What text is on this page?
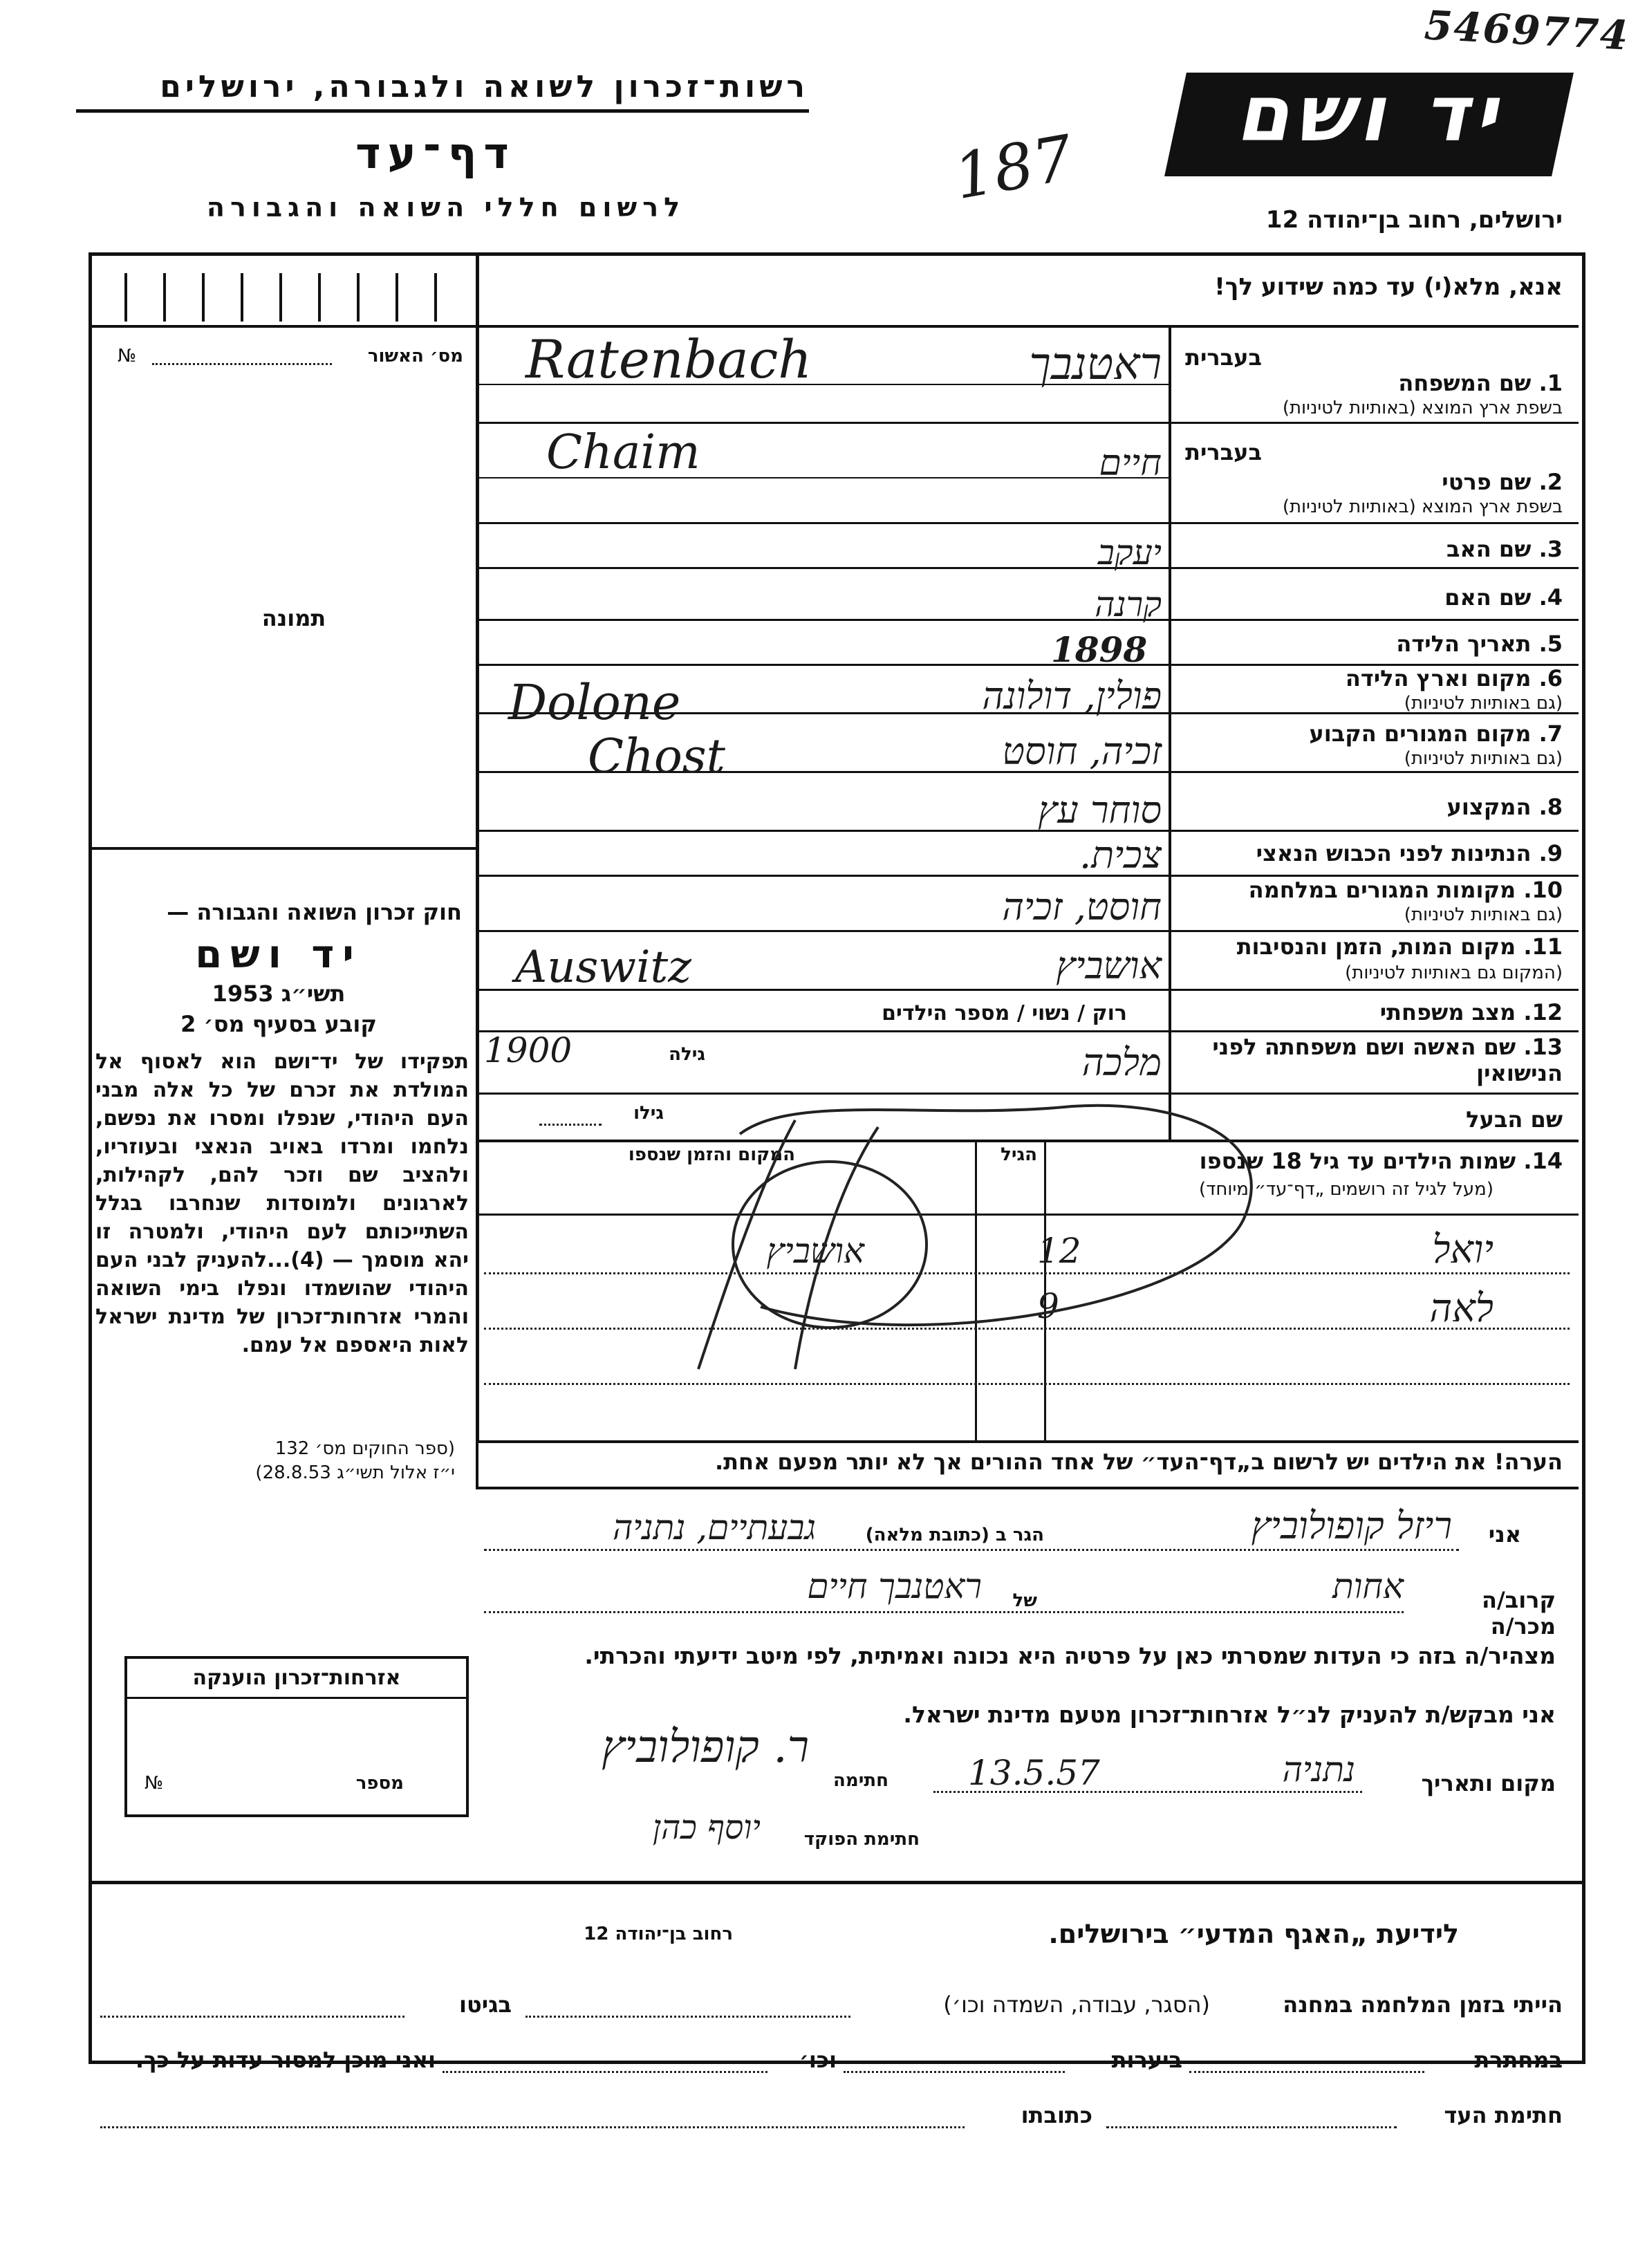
5469774
רשות־זכרון לשואה ולגבורה, ירושלים
דף־עד
לרשום חללי השואה והגבורה	187
יד ושם
ירושלים, רחוב בן־יהודה 12
מס׳ האשור
№
תמונה
חוק זכרון השואה והגבורה —
יד ושם
תשי״ג 1953
קובע בסעיף מס׳ 2
תפקידו של יד־ושם הוא לאסוף אל המולדת את זכרם של כל אלה מבני העם היהודי, שנפלו ומסרו את נפשם, נלחמו ומרדו באויב הנאצי ובעוזריו, ולהציב שם וזכר להם, לקהילות, לארגונים ולמוסדות שנחרבו בגלל השתייכותם לעם היהודי, ולמטרה זו יהא מוסמך — (4)...להעניק לבני העם היהודי שהושמדו ונפלו בימי השואה והמרי אזרחות־זכרון של מדינת ישראל לאות היאספם אל עמם.
(ספר החוקים מס׳ 132
י״ז אלול תשי״ג 28.8.53)
אזרחות־זכרון הוענקה
מספר
№
אנא, מלא(י) עד כמה שידוע לך!
בעברית
1. שם המשפחה
בשפת ארץ המוצא (באותיות לטיניות)
ראטנבך
Ratenbach
בעברית
2. שם פרטי
בשפת ארץ המוצא (באותיות לטיניות)
חיים
Chaim
3. שם האב
יעקב
4. שם האם
קרנה
5. תאריך הלידה
1898
6. מקום וארץ הלידה
(גם באותיות לטיניות)
פולין, דולונה
Dolone
7. מקום המגורים הקבוע
(גם באותיות לטיניות)
זכיה, חוסט
Chost
8. המקצוע
סוחר עץ
9. הנתינות לפני הכבוש הנאצי
צכית.
10. מקומות המגורים במלחמה
(גם באותיות לטיניות)
חוסט, זכיה
11. מקום המות, הזמן והנסיבות
(המקום גם באותיות לטיניות)
אושביץ
Auswitz
12. מצב משפחתי
רוק / נשוי / מספר הילדים
13. שם האשה ושם משפחתה לפני הנישואין
מלכה
גילה
1900
שם הבעל
גילו
14. שמות הילדים עד גיל 18 שנספו
(מעל לגיל זה רושמים „דף־עד״ מיוחד)
הגיל
המקום והזמן שנספו
יואל
12
אושביץ
לאה
9
הערה! את הילדים יש לרשום ב„דף־העד״ של אחד ההורים אך לא יותר מפעם אחת.
אני
ריזל קופולוביץ
הגר ב (כתובת מלאה)
גבעתיים, נתניה
קרוב/ה מכר/ה
אחות
של
ראטנבך חיים
מצהיר/ה בזה כי העדות שמסרתי כאן על פרטיה היא נכונה ואמיתית, לפי מיטב ידיעתי והכרתי.
אני מבקש/ת להעניק לנ״ל אזרחות־זכרון מטעם מדינת ישראל.
מקום ותאריך
נתניה
13.5.57
חתימה
ר. קופולוביץ
חתימת הפוקד
יוסף כהן
לידיעת „האגף המדעי״ בירושלים.
רחוב בן־יהודה 12
הייתי בזמן המלחמה במחנה
(הסגר, עבודה, השמדה וכו׳)
בגיטו
במחתרת
ביערות
וכו׳
ואני מוכן למסור עדות על כך.
חתימת העד
כתובתו
